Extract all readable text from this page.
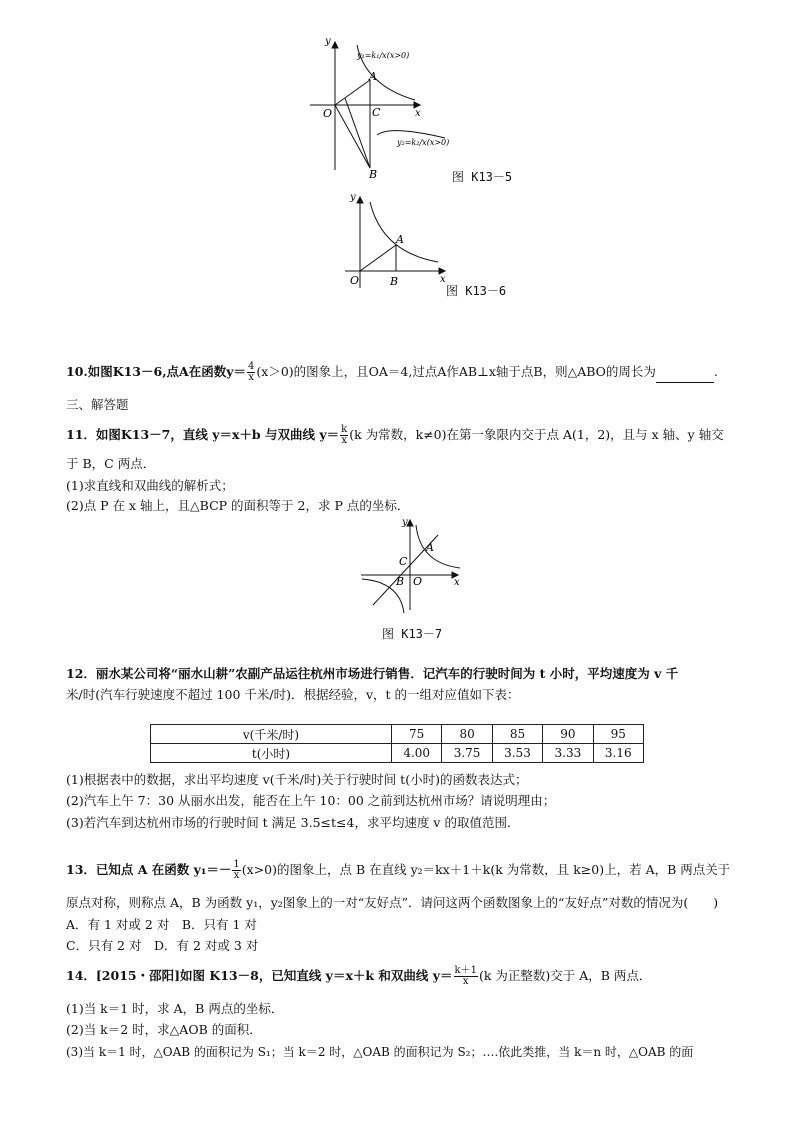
O
y
x
A
C
B
y₁=k₁/x(x>0)
y₂=k₂/x(x>0)
图 K13－5
y
x
O
A
B
图 K13－6
10.如图K13－6,点A在函数$y= \frac{4}{x} (x>0)$的图象上，且OA＝4,过点A作AB⊥x轴于点B，则△ABO的周长为	.
三、解答题
11．如图K13－7，直线 y＝x＋b 与双曲线 $y= \frac{k}{x} (k$ 为常数，k≠0)在第一象限内交于点 A(1，2)，且与 x 轴、y 轴交
于 B，C 两点．
(1)求直线和双曲线的解析式；
(2)点 P 在 x 轴上，且△BCP 的面积等于 2，求 P 点的坐标．
y
x
O
A
B
C
图 K13－7
12．丽水某公司将“丽水山耕”农副产品运往杭州市场进行销售．记汽车的行驶时间为 t 小时，平均速度为 v 千
米/时(汽车行驶速度不超过 100 千米/时)．根据经验，v，t 的一组对应值如下表：
v(千米/时)	75	80	85	90	95
t(小时)	4.00	3.75	3.53	3.33	3.16
(1)根据表中的数据，求出平均速度 v(千米/时)关于行驶时间 t(小时)的函数表达式；
(2)汽车上午 7：30 从丽水出发，能否在上午 10：00 之前到达杭州市场？请说明理由；
(3)若汽车到达杭州市场的行驶时间 t 满足 3.5≤t≤4，求平均速度 v 的取值范围．
13．已知点 A 在函数 $y_1=- \frac{1}{x} (x>0)$的图象上，点 B 在直线 y₂＝kx＋1＋k(k 为常数，且 k≥0)上，若 A，B 两点关于
原点对称，则称点 A，B 为函数 y₁，y₂图象上的一对“友好点”．请问这两个函数图象上的“友好点”对数的情况为(　　)
A．有 1 对或 2 对　B．只有 1 对
C．只有 2 对　D．有 2 对或 3 对
14．[2015・邵阳]如图 K13－8，已知直线 y＝x＋k 和双曲线 $y= \frac{k+1}{x} (k$ 为正整数)交于 A，B 两点．
(1)当 k＝1 时，求 A，B 两点的坐标．
(2)当 k＝2 时，求△AOB 的面积．
(3)当 k＝1 时，△OAB 的面积记为 S₁；当 k＝2 时，△OAB 的面积记为 S₂；….依此类推，当 k＝n 时，△OAB 的面
